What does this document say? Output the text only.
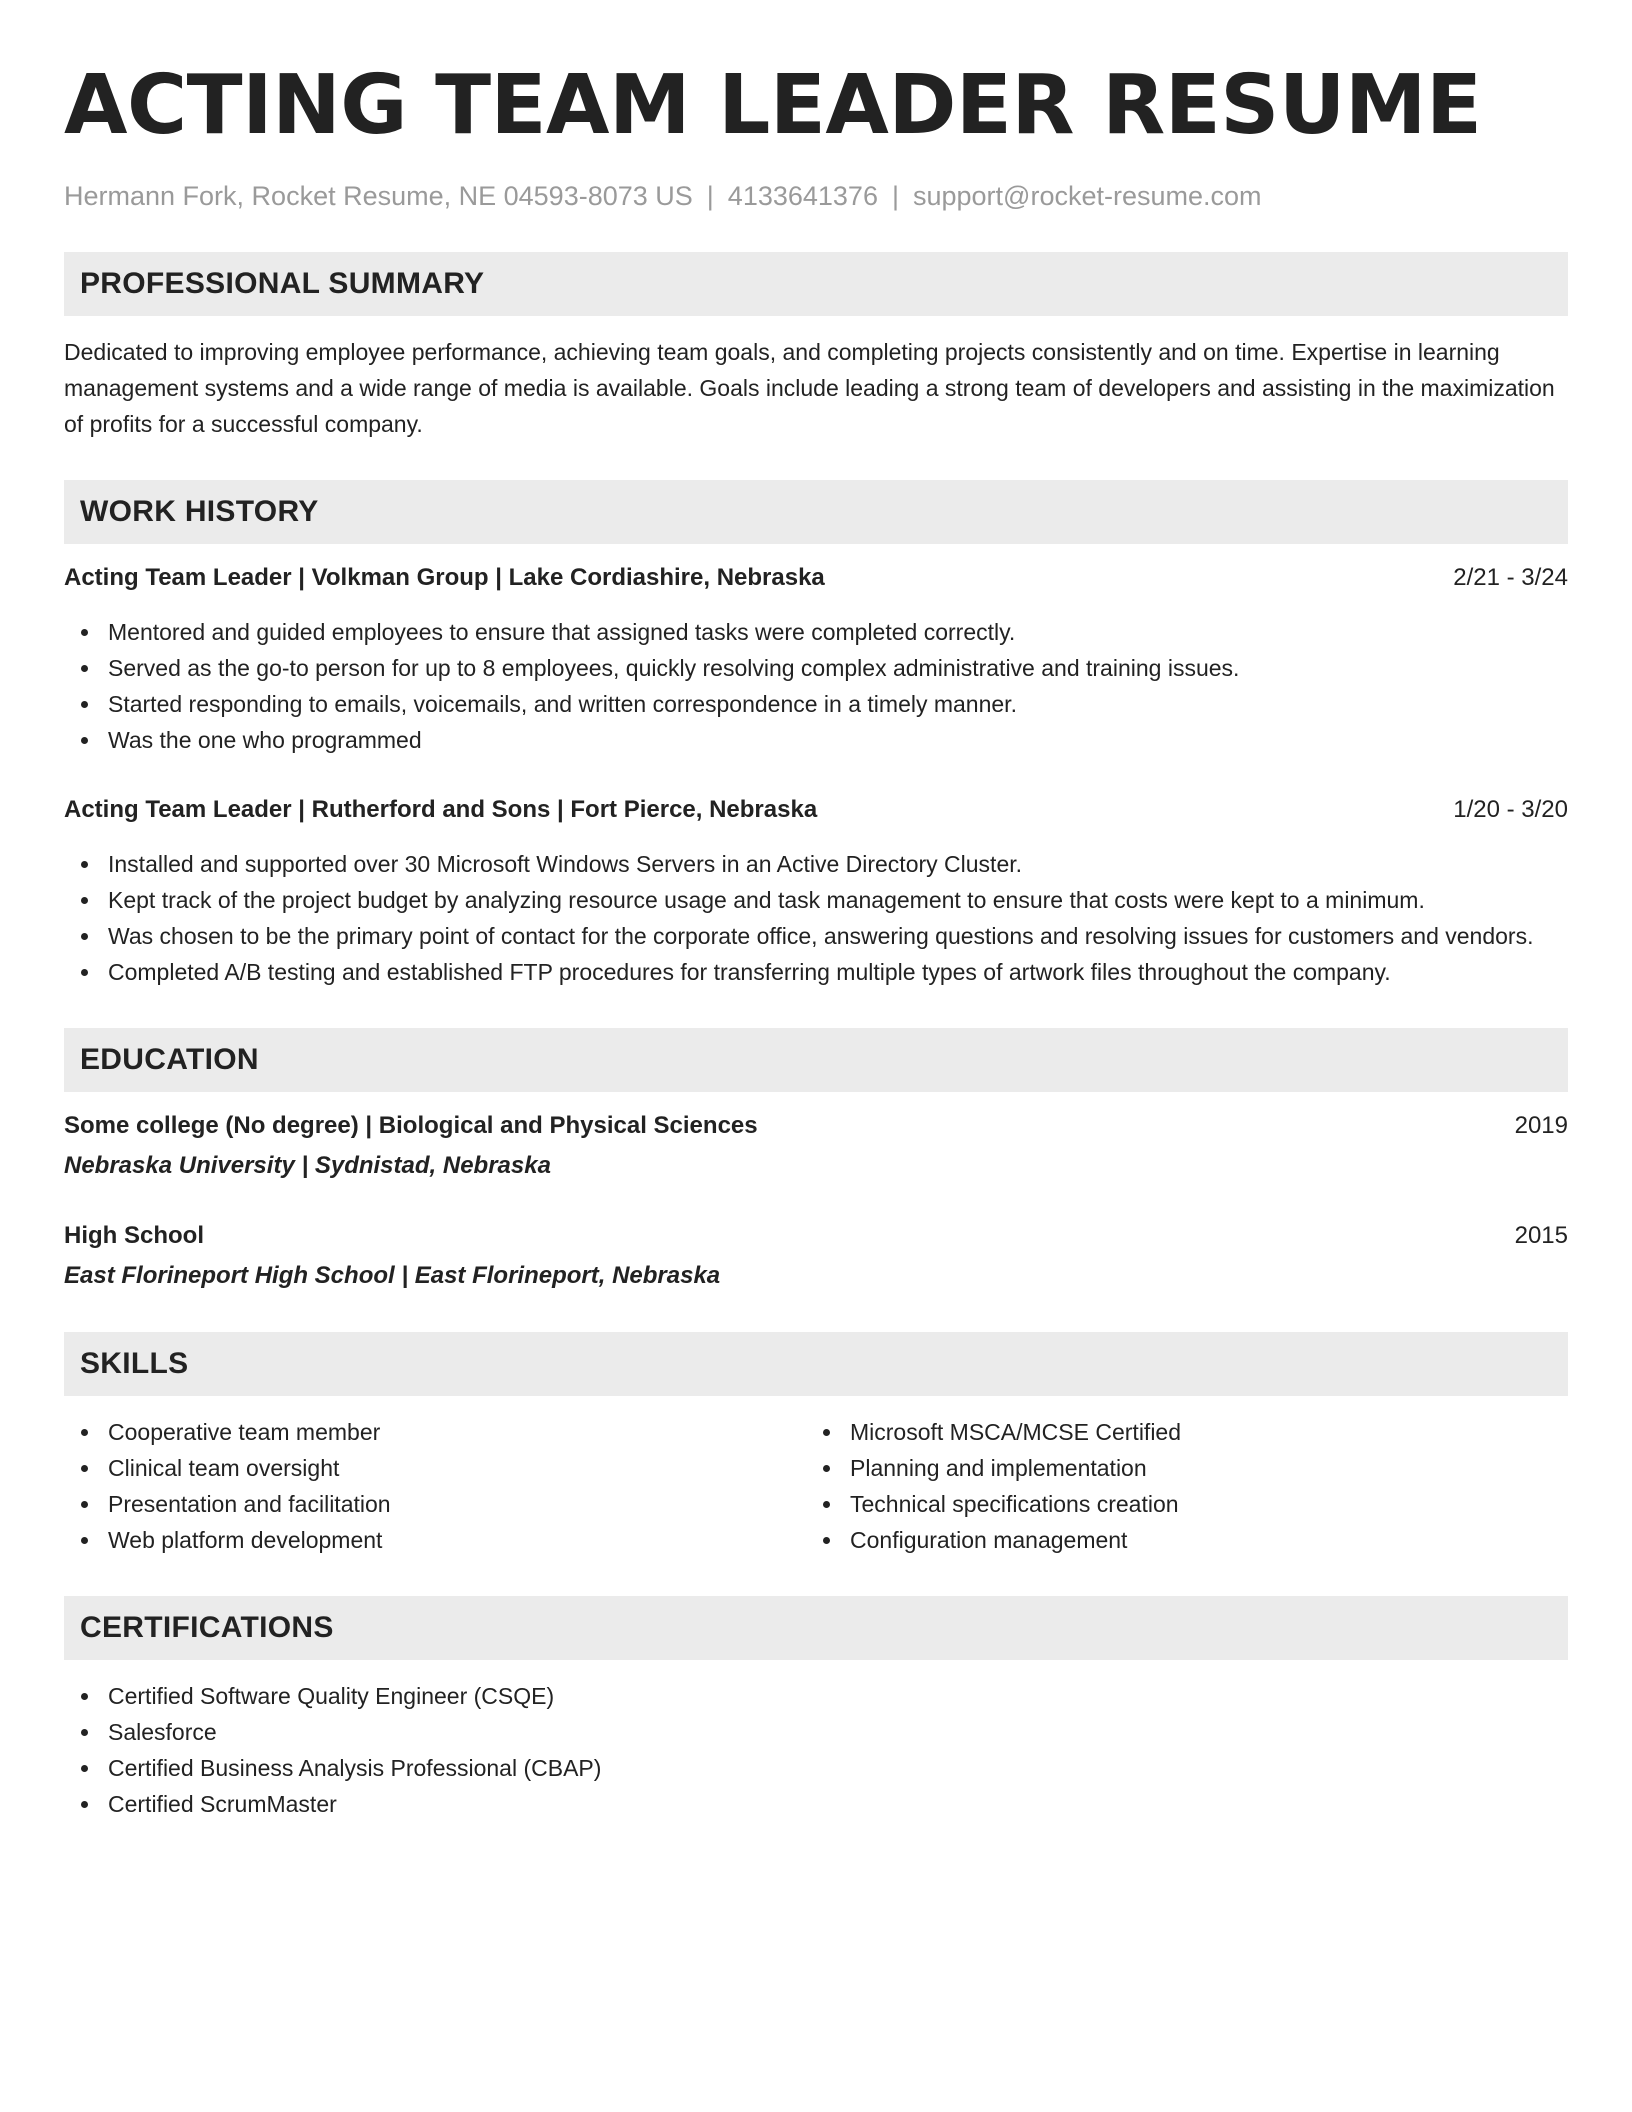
ACTING TEAM LEADER RESUME
Hermann Fork, Rocket Resume, NE 04593-8073 US | 4133641376 | support@rocket-resume.com
PROFESSIONAL SUMMARY

Dedicated to improving employee performance, achieving team goals, and completing projects consistently and on time. Expertise in learning management systems and a wide range of media is available. Goals include leading a strong team of developers and assisting in the maximization of profits for a successful company.

WORK HISTORY
Acting Team Leader | Volkman Group | Lake Cordiashire, Nebraska	2/21 - 3/24
Mentored and guided employees to ensure that assigned tasks were completed correctly.
Served as the go-to person for up to 8 employees, quickly resolving complex administrative and training issues.
Started responding to emails, voicemails, and written correspondence in a timely manner.
Was the one who programmed
Acting Team Leader | Rutherford and Sons | Fort Pierce, Nebraska	1/20 - 3/20
Installed and supported over 30 Microsoft Windows Servers in an Active Directory Cluster.
Kept track of the project budget by analyzing resource usage and task management to ensure that costs were kept to a minimum.
Was chosen to be the primary point of contact for the corporate office, answering questions and resolving issues for customers and vendors.
Completed A/B testing and established FTP procedures for transferring multiple types of artwork files throughout the company.
EDUCATION
Some college (No degree) | Biological and Physical Sciences	2019
Nebraska University | Sydnistad, Nebraska
High School	2015
East Florineport High School | East Florineport, Nebraska
SKILLS
Cooperative team member
Clinical team oversight
Presentation and facilitation
Web platform development
Microsoft MSCA/MCSE Certified
Planning and implementation
Technical specifications creation
Configuration management
CERTIFICATIONS
Certified Software Quality Engineer (CSQE)
Salesforce
Certified Business Analysis Professional (CBAP)
Certified ScrumMaster
